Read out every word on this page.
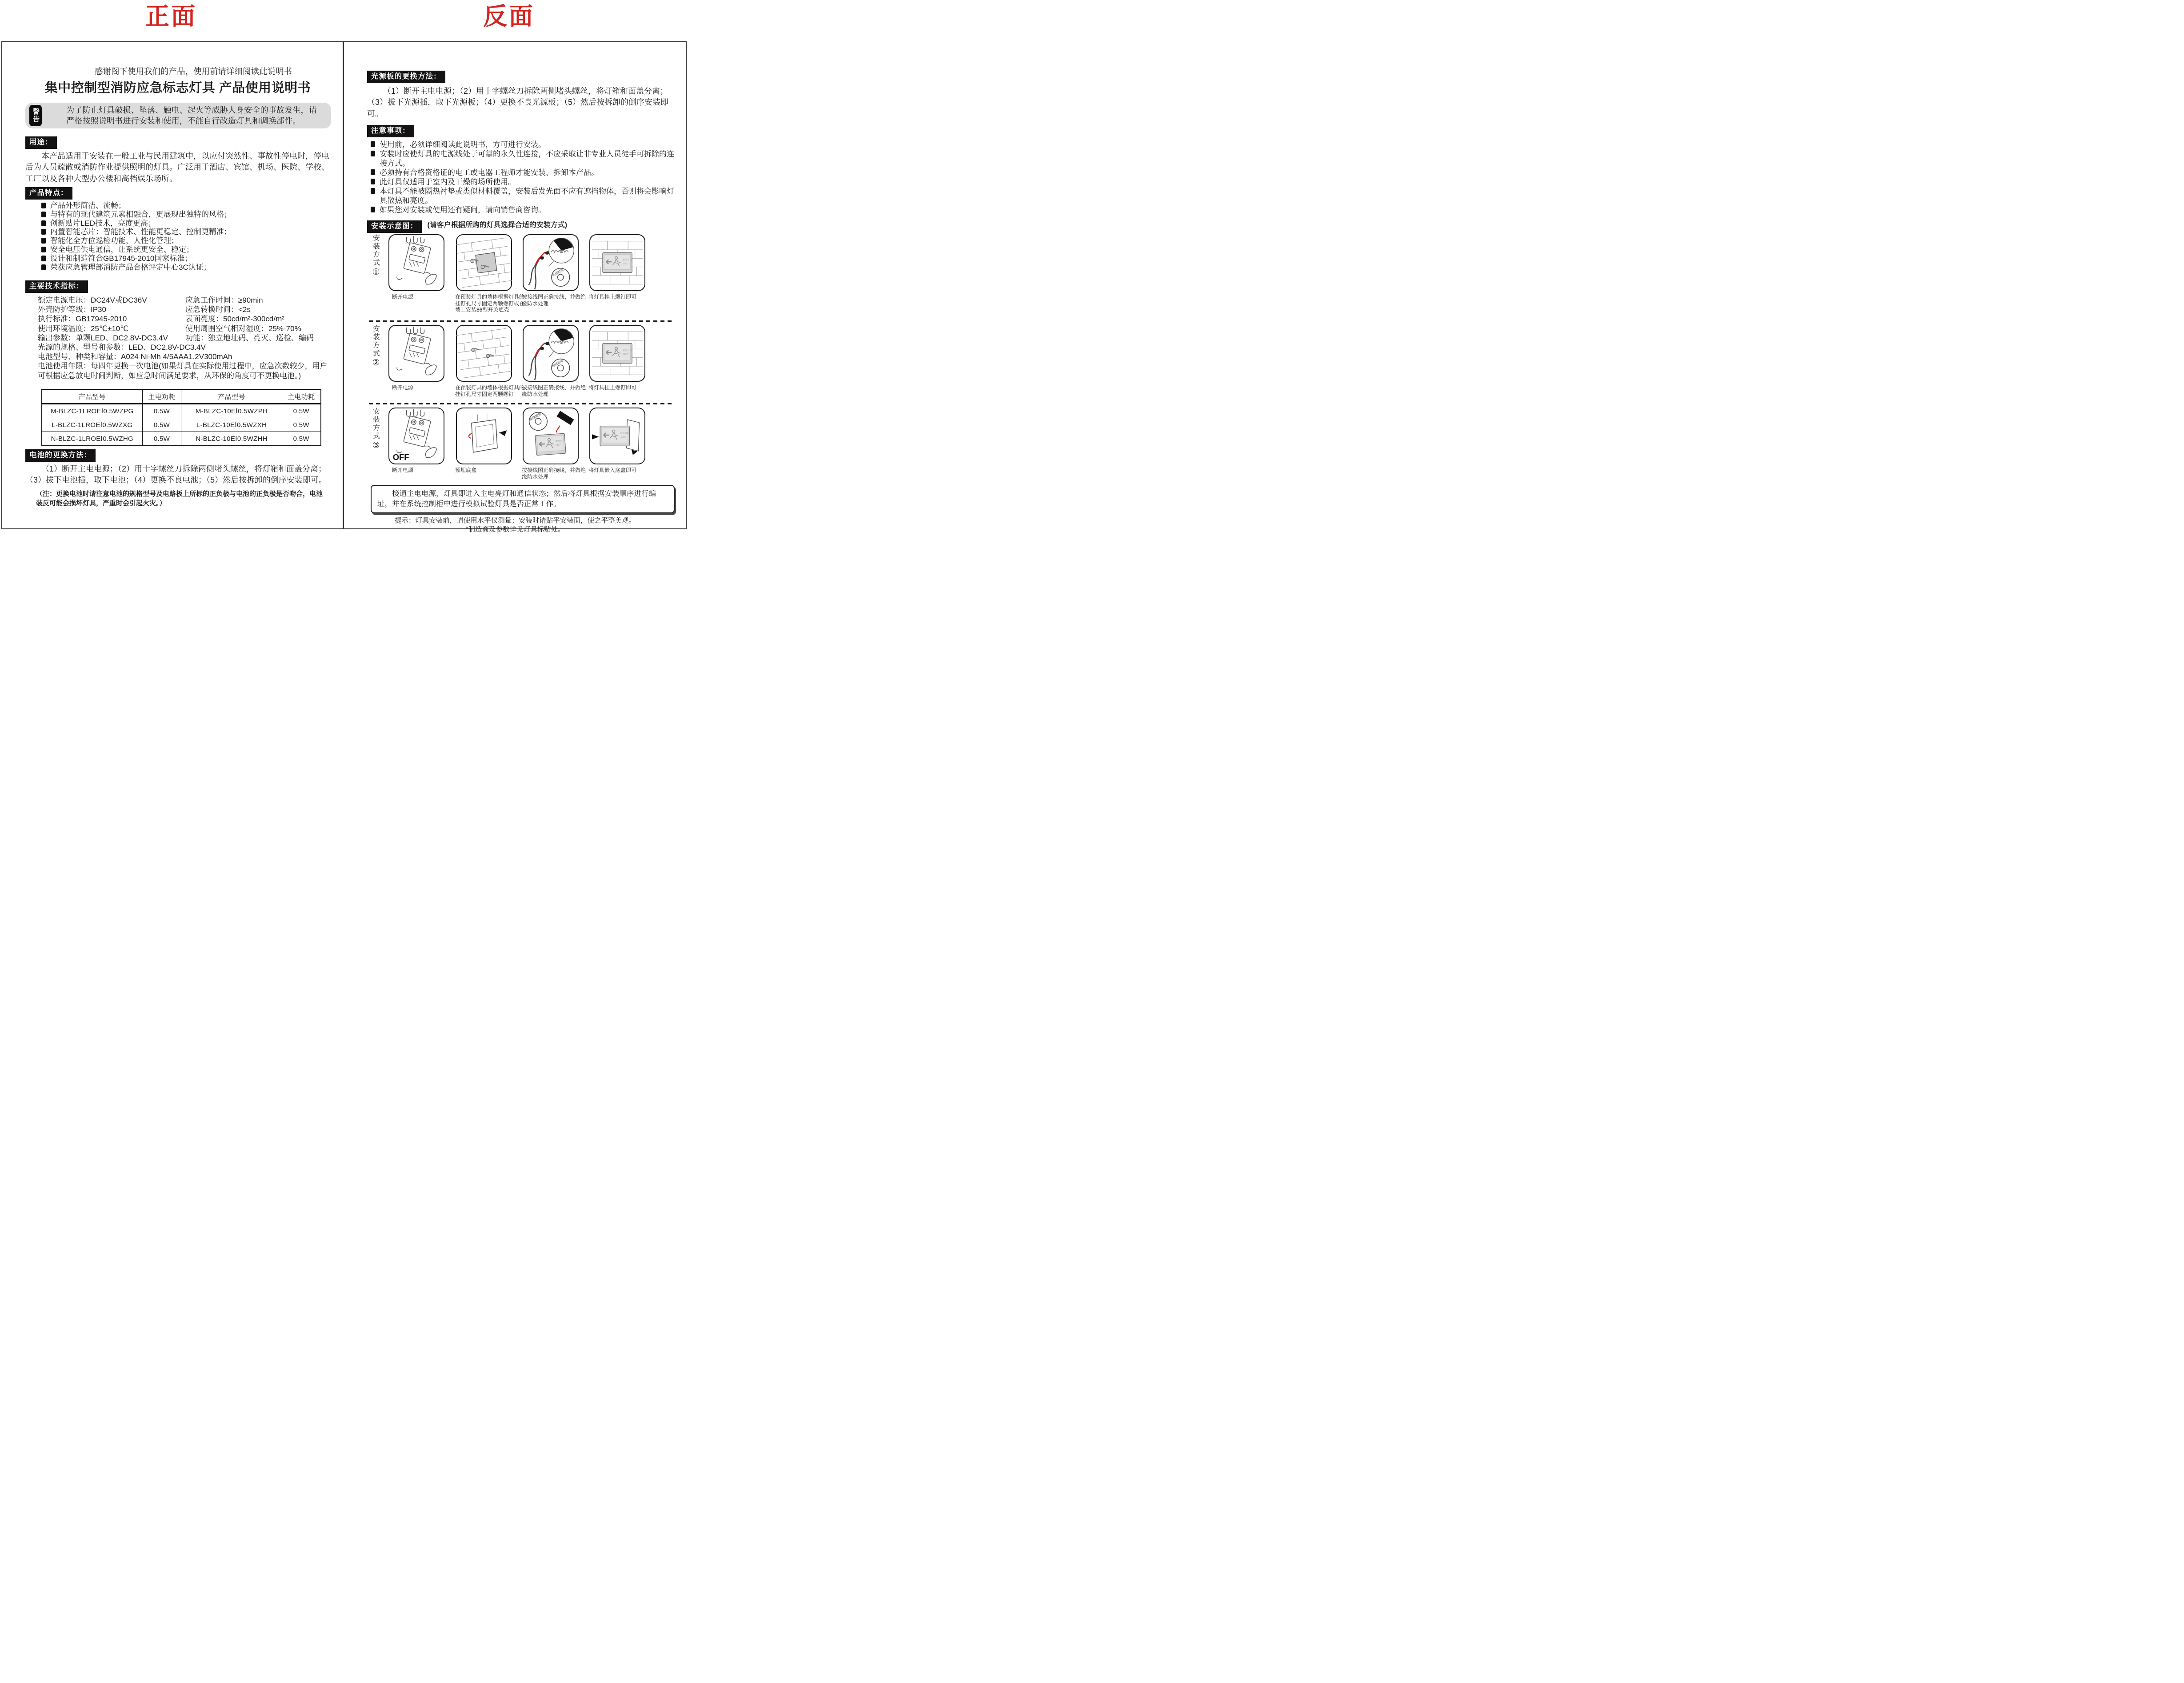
正面	反面
感谢阁下使用我们的产品，使用前请详细阅读此说明书
集中控制型消防应急标志灯具 产品使用说明书
警告	为了防止灯具破损、坠落、触电、起火等威胁人身安全的事故发生，请严格按照说明书进行安装和使用，不能自行改造灯具和调换部件。

用途：

本产品适用于安装在一般工业与民用建筑中，以应付突然性、事故性停电时，停电后为人员疏散或消防作业提供照明的灯具。广泛用于酒店、宾馆、机场、医院、学校、工厂以及各种大型办公楼和高档娱乐场所。

产品特点：
产品外形简洁、流畅；
与特有的现代建筑元素相融合，更展现出独特的风格；
创新贴片LED技术，亮度更高；
内置智能芯片：智能技术、性能更稳定、控制更精准；
智能化全方位巡检功能，人性化管理；
安全电压供电通信，让系统更安全、稳定；
设计和制造符合GB17945-2010国家标准；
荣获应急管理部消防产品合格评定中心3C认证；
主要技术指标：
额定电源电压：DC24V或DC36V	应急工作时间：≥90min
外壳防护等级：IP30	应急转换时间：<2s
执行标准：GB17945-2010	表面亮度：50cd/m²-300cd/m²
使用环境温度：25℃±10℃	使用周围空气相对湿度：25%-70%
输出参数：单颗LED、DC2.8V-DC3.4V	功能：独立地址码、亮灭、巡检、编码
光源的规格、型号和参数：LED、DC2.8V-DC3.4V
电池型号、种类和容量：A024 Ni-Mh 4/5AAA1.2V300mAh
电池使用年限：每四年更换一次电池(如果灯具在实际使用过程中，应急次数较少，用户可根据应急放电时间判断，如应急时间满足要求，从环保的角度可不更换电池。)
产品型号	主电功耗	产品型号	主电功耗
M-BLZC-1LROEⅠ0.5WZPG	0.5W	M-BLZC-10EⅠ0.5WZPH	0.5W
L-BLZC-1LROEⅠ0.5WZXG	0.5W	L-BLZC-10EⅠ0.5WZXH	0.5W
N-BLZC-1LROEⅠ0.5WZHG	0.5W	N-BLZC-10EⅠ0.5WZHH	0.5W
电池的更换方法：

（1）断开主电电源；（2）用十字螺丝刀拆除两侧堵头螺丝，将灯箱和面盖分离；（3）拔下电池插，取下电池；（4）更换不良电池；（5）然后按拆卸的倒序安装即可。

（注：更换电池时请注意电池的规格型号及电路板上所标的正负极与电池的正负极是否吻合，电池装反可能会损坏灯具，严重时会引起火灾。）

光源板的更换方法：

（1）断开主电电源；（2）用十字螺丝刀拆除两侧堵头螺丝，将灯箱和面盖分离；（3）拔下光源插，取下光源板；（4）更换不良光源板；（5）然后按拆卸的倒序安装即可。

注意事项：
使用前，必须详细阅读此说明书，方可进行安装。
安装时应使灯具的电源线处于可靠的永久性连接，不应采取让非专业人员徒手可拆除的连接方式。
必须持有合格资格证的电工或电器工程师才能安装、拆卸本产品。
此灯具仅适用于室内及干燥的场所使用。
本灯具不能被隔热衬垫或类似材料覆盖，安装后发光面不应有遮挡物体，否则将会影响灯具散热和亮度。
如果您对安装或使用还有疑问，请向销售商咨询。
安装示意图： (请客户根据所购的灯具选择合适的安装方式)
安装方式①
断开电源	在预装灯具的墙体根据灯具的挂钉孔尺寸固定两颗螺钉或在墙上安装86型开关底壳
按接线图正确接线，并做绝缘防水处理
将灯具挂上螺钉即可
安装方式②
断开电源	在预装灯具的墙体根据灯具的挂钉孔尺寸固定两颗螺钉
按接线图正确接线，并做绝缘防水处理
将灯具挂上螺钉即可
安装方式③
OFF
断开电源	预埋底盒	按接线图正确接线，并做绝缘防水处理
将灯具嵌入底盒即可
接通主电电源，灯具即进入主电亮灯和通信状态；然后将灯具根据安装顺序进行编址，并在系统控制柜中进行模拟试验灯具是否正常工作。
提示：灯具安装前，请使用水平仪测量；安装时请贴平安装面，使之平整美观。
*制造商及参数详见灯具标贴处。
